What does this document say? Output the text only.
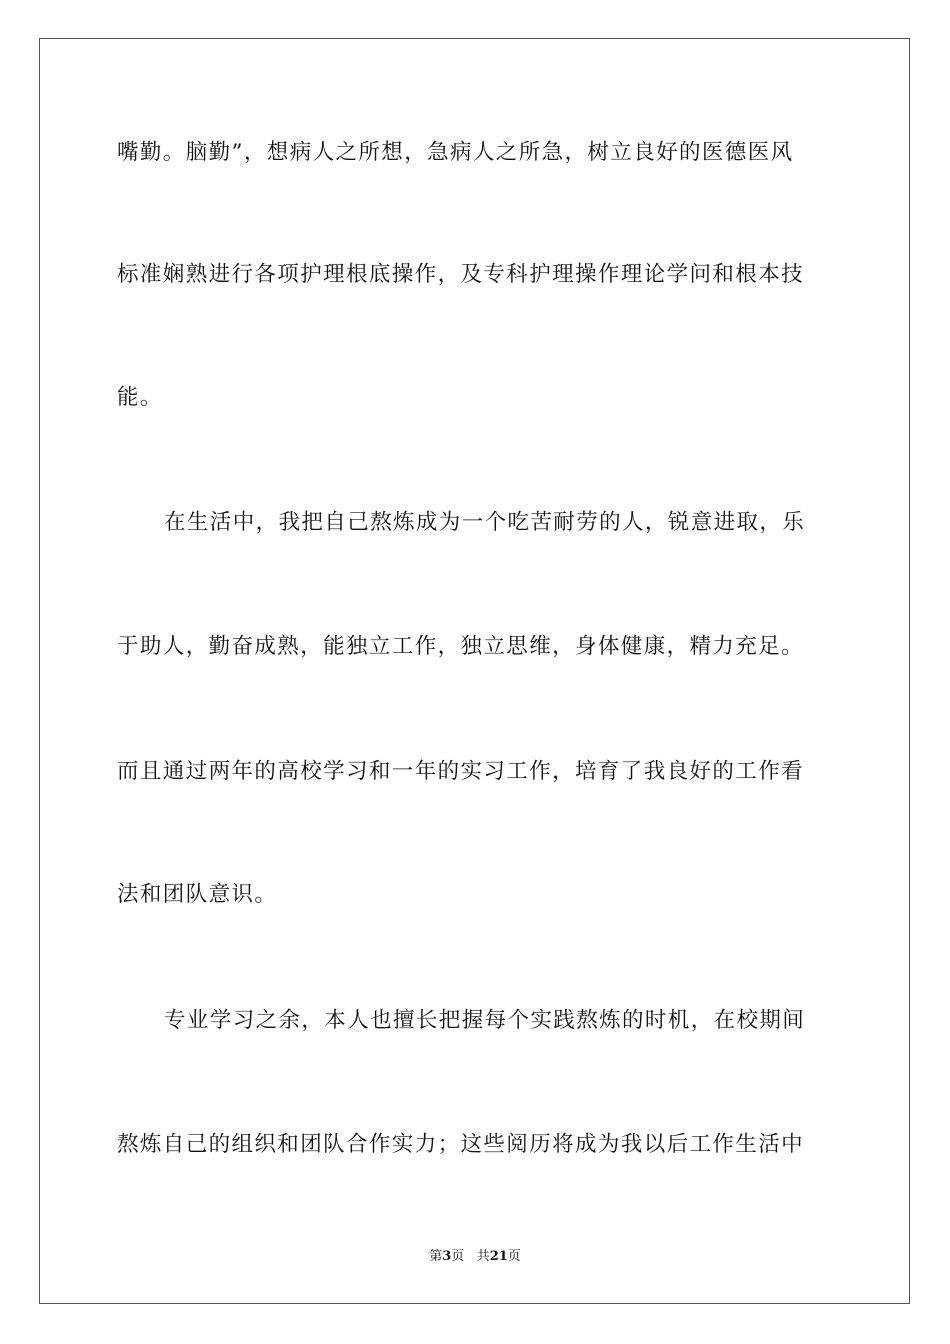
嘴勤。脑勤”，想病人之所想，急病人之所急，树立良好的医德医风
标准娴熟进行各项护理根底操作，及专科护理操作理论学问和根本技
能。
在生活中，我把自己熬炼成为一个吃苦耐劳的人，锐意进取，乐
于助人，勤奋成熟，能独立工作，独立思维，身体健康，精力充足。
而且通过两年的高校学习和一年的实习工作，培育了我良好的工作看
法和团队意识。
专业学习之余，本人也擅长把握每个实践熬炼的时机，在校期间
熬炼自己的组织和团队合作实力；这些阅历将成为我以后工作生活中
第3页 共21页
